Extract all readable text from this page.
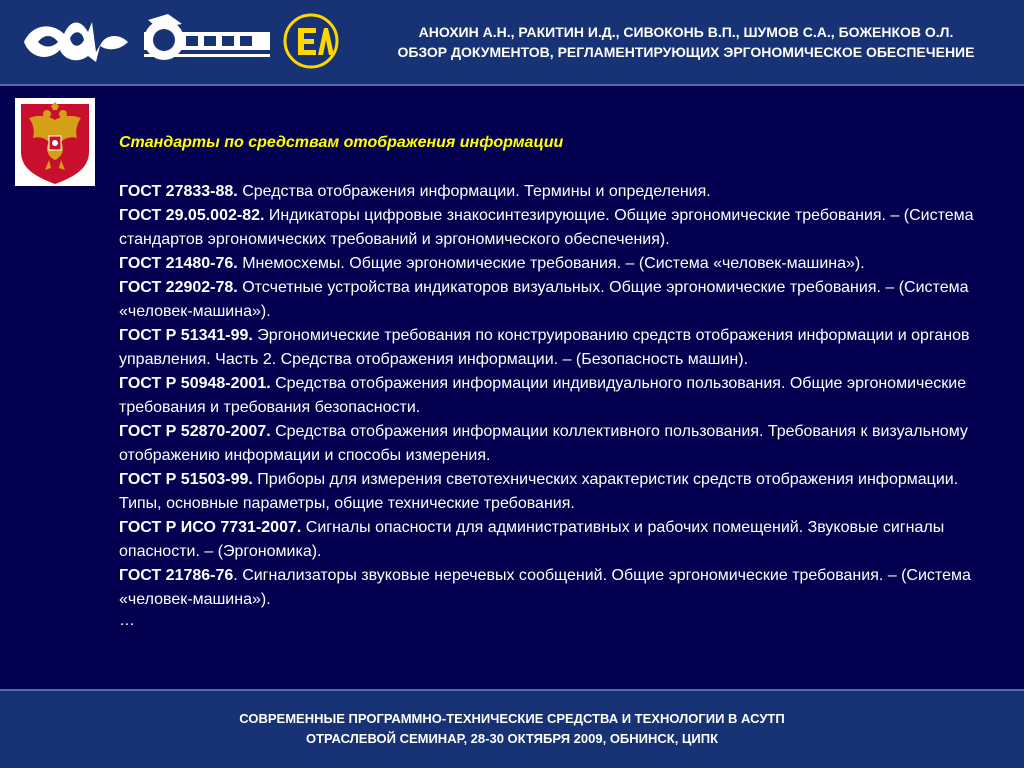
АНОХИН А.Н., РАКИТИН И.Д., СИВОКОНЬ В.П., ШУМОВ С.А., БОЖЕНКОВ О.Л.
ОБЗОР ДОКУМЕНТОВ, РЕГЛАМЕНТИРУЮЩИХ ЭРГОНОМИЧЕСКОЕ ОБЕСПЕЧЕНИЕ
Стандарты по средствам отображения информации
ГОСТ 27833-88. Средства отображения информации. Термины и определения.
ГОСТ 29.05.002-82. Индикаторы цифровые знакосинтезирующие. Общие эргономические требования. – (Система стандартов эргономических требований и эргономического обеспечения).
ГОСТ 21480-76. Мнемосхемы. Общие эргономические требования. – (Система «человек-машина»).
ГОСТ 22902-78. Отсчетные устройства индикаторов визуальных. Общие эргономические требования. – (Система «человек-машина»).
ГОСТ Р 51341-99. Эргономические требования по конструированию средств отображения информации и органов управления. Часть 2. Средства отображения информации. – (Безопасность машин).
ГОСТ Р 50948-2001. Средства отображения информации индивидуального пользования. Общие эргономические требования и требования безопасности.
ГОСТ Р 52870-2007. Средства отображения информации коллективного пользования. Требования к визуальному отображению информации и способы измерения.
ГОСТ Р 51503-99. Приборы для измерения светотехнических характеристик средств отображения информации. Типы, основные параметры, общие технические требования.
ГОСТ Р ИСО 7731-2007. Сигналы опасности для административных и рабочих помещений. Звуковые сигналы опасности. – (Эргономика).
ГОСТ 21786-76. Сигнализаторы звуковые неречевых сообщений. Общие эргономические требования. – (Система «человек-машина»).
…
СОВРЕМЕННЫЕ ПРОГРАММНО-ТЕХНИЧЕСКИЕ СРЕДСТВА И ТЕХНОЛОГИИ В АСУТП
ОТРАСЛЕВОЙ СЕМИНАР, 28-30 ОКТЯБРЯ 2009, ОБНИНСК, ЦИПК
